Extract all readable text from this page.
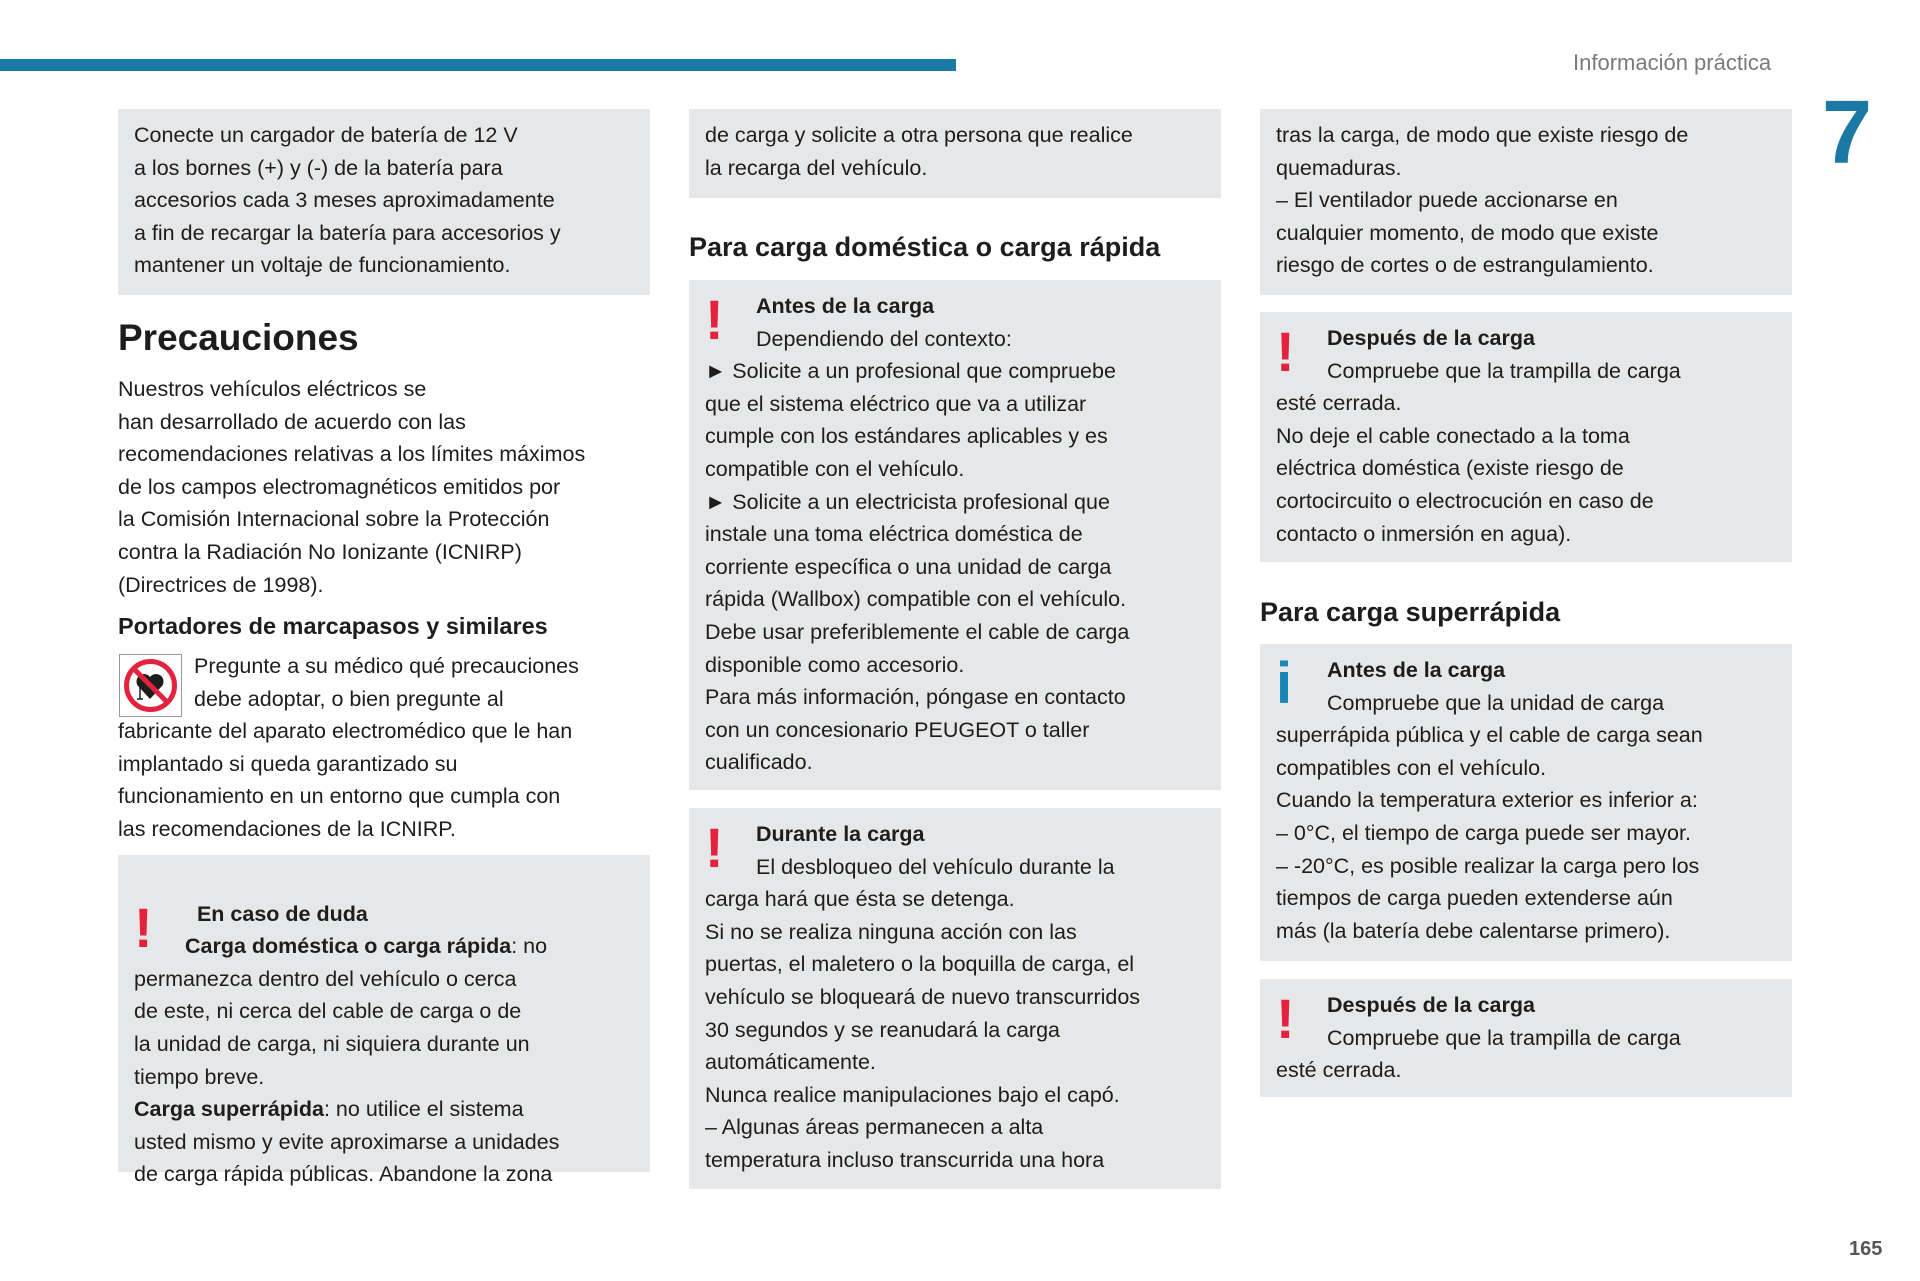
Información práctica
7
165
Conecte un cargador de batería de 12 V
a los bornes (+) y (-) de la batería para
accesorios cada 3 meses aproximadamente
a fin de recargar la batería para accesorios y
mantener un voltaje de funcionamiento.
Precauciones
Nuestros vehículos eléctricos se
han desarrollado de acuerdo con las
recomendaciones relativas a los límites máximos
de los campos electromagnéticos emitidos por
la Comisión Internacional sobre la Protección
contra la Radiación No Ionizante (ICNIRP)
(Directrices de 1998).
Portadores de marcapasos y similares
Pregunte a su médico qué precauciones
debe adoptar, o bien pregunte al
fabricante del aparato electromédico que le han
implantado si queda garantizado su
funcionamiento en un entorno que cumpla con
las recomendaciones de la ICNIRP.

!	En caso de duda
Carga doméstica o carga rápida: no
permanezca dentro del vehículo o cerca
de este, ni cerca del cable de carga o de
la unidad de carga, ni siquiera durante un
tiempo breve.
Carga superrápida: no utilice el sistema
usted mismo y evite aproximarse a unidades
de carga rápida públicas. Abandone la zona
de carga y solicite a otra persona que realice
la recarga del vehículo.
Para carga doméstica o carga rápida
!	Antes de la carga
Dependiendo del contexto:
► Solicite a un profesional que compruebe
que el sistema eléctrico que va a utilizar
cumple con los estándares aplicables y es
compatible con el vehículo.
► Solicite a un electricista profesional que
instale una toma eléctrica doméstica de
corriente específica o una unidad de carga
rápida (Wallbox) compatible con el vehículo.
Debe usar preferiblemente el cable de carga
disponible como accesorio.
Para más información, póngase en contacto
con un concesionario PEUGEOT o taller
cualificado.
!	Durante la carga
El desbloqueo del vehículo durante la
carga hará que ésta se detenga.
Si no se realiza ninguna acción con las
puertas, el maletero o la boquilla de carga, el
vehículo se bloqueará de nuevo transcurridos
30 segundos y se reanudará la carga
automáticamente.
Nunca realice manipulaciones bajo el capó.
– Algunas áreas permanecen a alta
temperatura incluso transcurrida una hora
tras la carga, de modo que existe riesgo de
quemaduras.
– El ventilador puede accionarse en
cualquier momento, de modo que existe
riesgo de cortes o de estrangulamiento.
!	Después de la carga
Compruebe que la trampilla de carga
esté cerrada.
No deje el cable conectado a la toma
eléctrica doméstica (existe riesgo de
cortocircuito o electrocución en caso de
contacto o inmersión en agua).
Para carga superrápida
i	Antes de la carga
Compruebe que la unidad de carga
superrápida pública y el cable de carga sean
compatibles con el vehículo.
Cuando la temperatura exterior es inferior a:
– 0°C, el tiempo de carga puede ser mayor.
– -20°C, es posible realizar la carga pero los
tiempos de carga pueden extenderse aún
más (la batería debe calentarse primero).
!	Después de la carga
Compruebe que la trampilla de carga
esté cerrada.
